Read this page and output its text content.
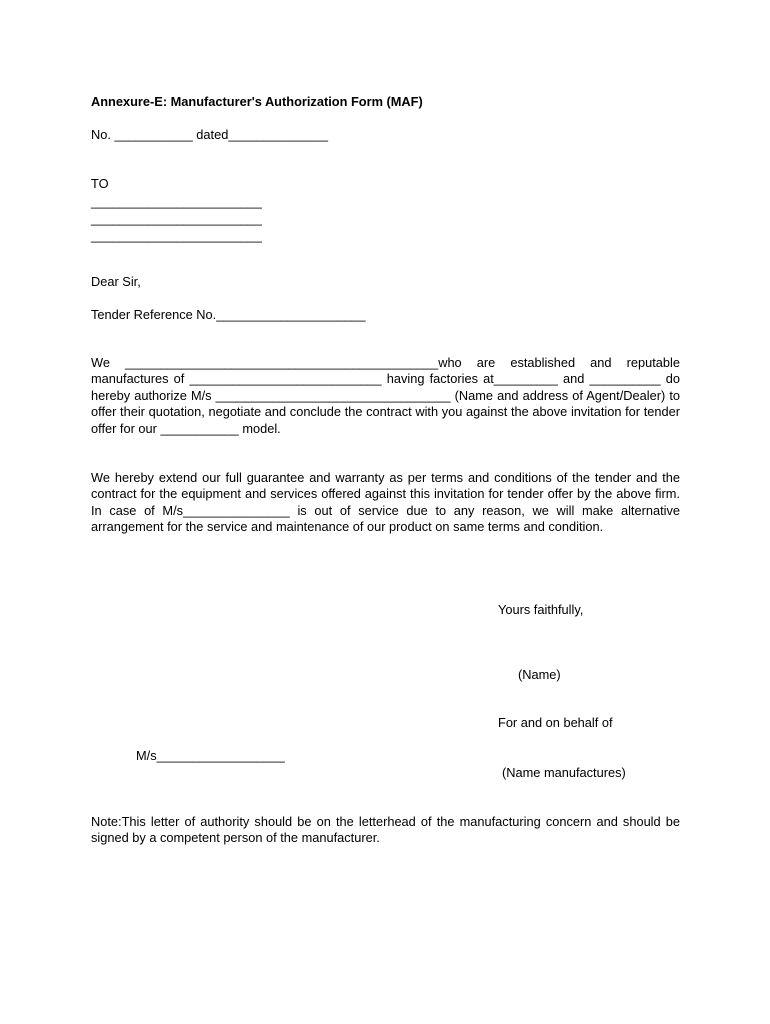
Annexure-E: Manufacturer's Authorization Form (MAF)
No. ___________ dated______________
TO
________________________
________________________
________________________
Dear Sir,
Tender Reference No._____________________
We ____________________________________________who are established and reputable manufactures of ___________________________ having factories at_________ and __________ do hereby authorize M/s _________________________________ (Name and address of Agent/Dealer) to offer their quotation, negotiate and conclude the contract with you against the above invitation for tender offer for our ___________ model.
We hereby extend our full guarantee and warranty as per terms and conditions of the tender and the contract for the equipment and services offered against this invitation for tender offer by the above firm. In case of M/s_______________ is out of service due to any reason, we will make alternative arrangement for the service and maintenance of our product on same terms and condition.
Yours faithfully,
(Name)
For and on behalf of
M/s__________________
(Name manufactures)
Note:This letter of authority should be on the letterhead of the manufacturing concern and should be signed by a competent person of the manufacturer.
